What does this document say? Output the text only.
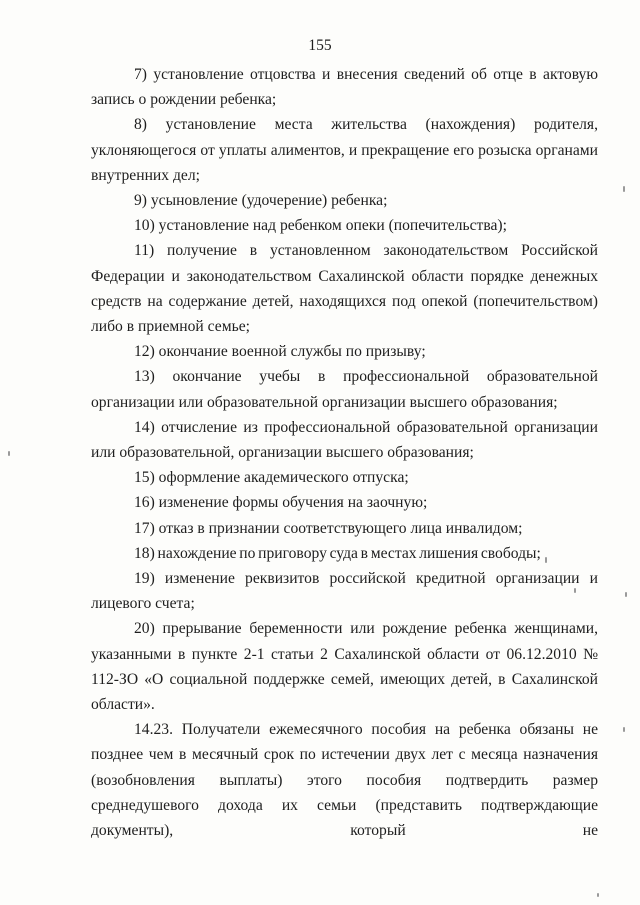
155

7) установление отцовства и внесения сведений об отце в актовую запись о рождении ребенка;

8) установление места жительства (нахождения) родителя, уклоняющегося от уплаты алиментов, и прекращение его розыска органами внутренних дел;

9) усыновление (удочерение) ребенка;

10) установление над ребенком опеки (попечительства);

11) получение в установленном законодательством Российской Федерации и законодательством Сахалинской области порядке денежных средств на содержание детей, находящихся под опекой (попечительством) либо в приемной семье;

12) окончание военной службы по призыву;

13) окончание учебы в профессиональной образовательной организации или образовательной организации высшего образования;

14) отчисление из профессиональной образовательной организации или образовательной, организации высшего образования;

15) оформление академического отпуска;

16) изменение формы обучения на заочную;

17) отказ в признании соответствующего лица инвалидом;

18) нахождение по приговору суда в местах лишения свободы;

19) изменение реквизитов российской кредитной организации и лицевого счета;

20) прерывание беременности или рождение ребенка женщинами, указанными в пункте 2-1 статьи 2 Сахалинской области от 06.12.2010 № 112-ЗО «О социальной поддержке семей, имеющих детей, в Сахалинской области».

14.23. Получатели ежемесячного пособия на ребенка обязаны не позднее чем в месячный срок по истечении двух лет с месяца назначения (возобновления выплаты) этого пособия подтвердить размер среднедушевого дохода их семьи (представить подтверждающие документы), который не
